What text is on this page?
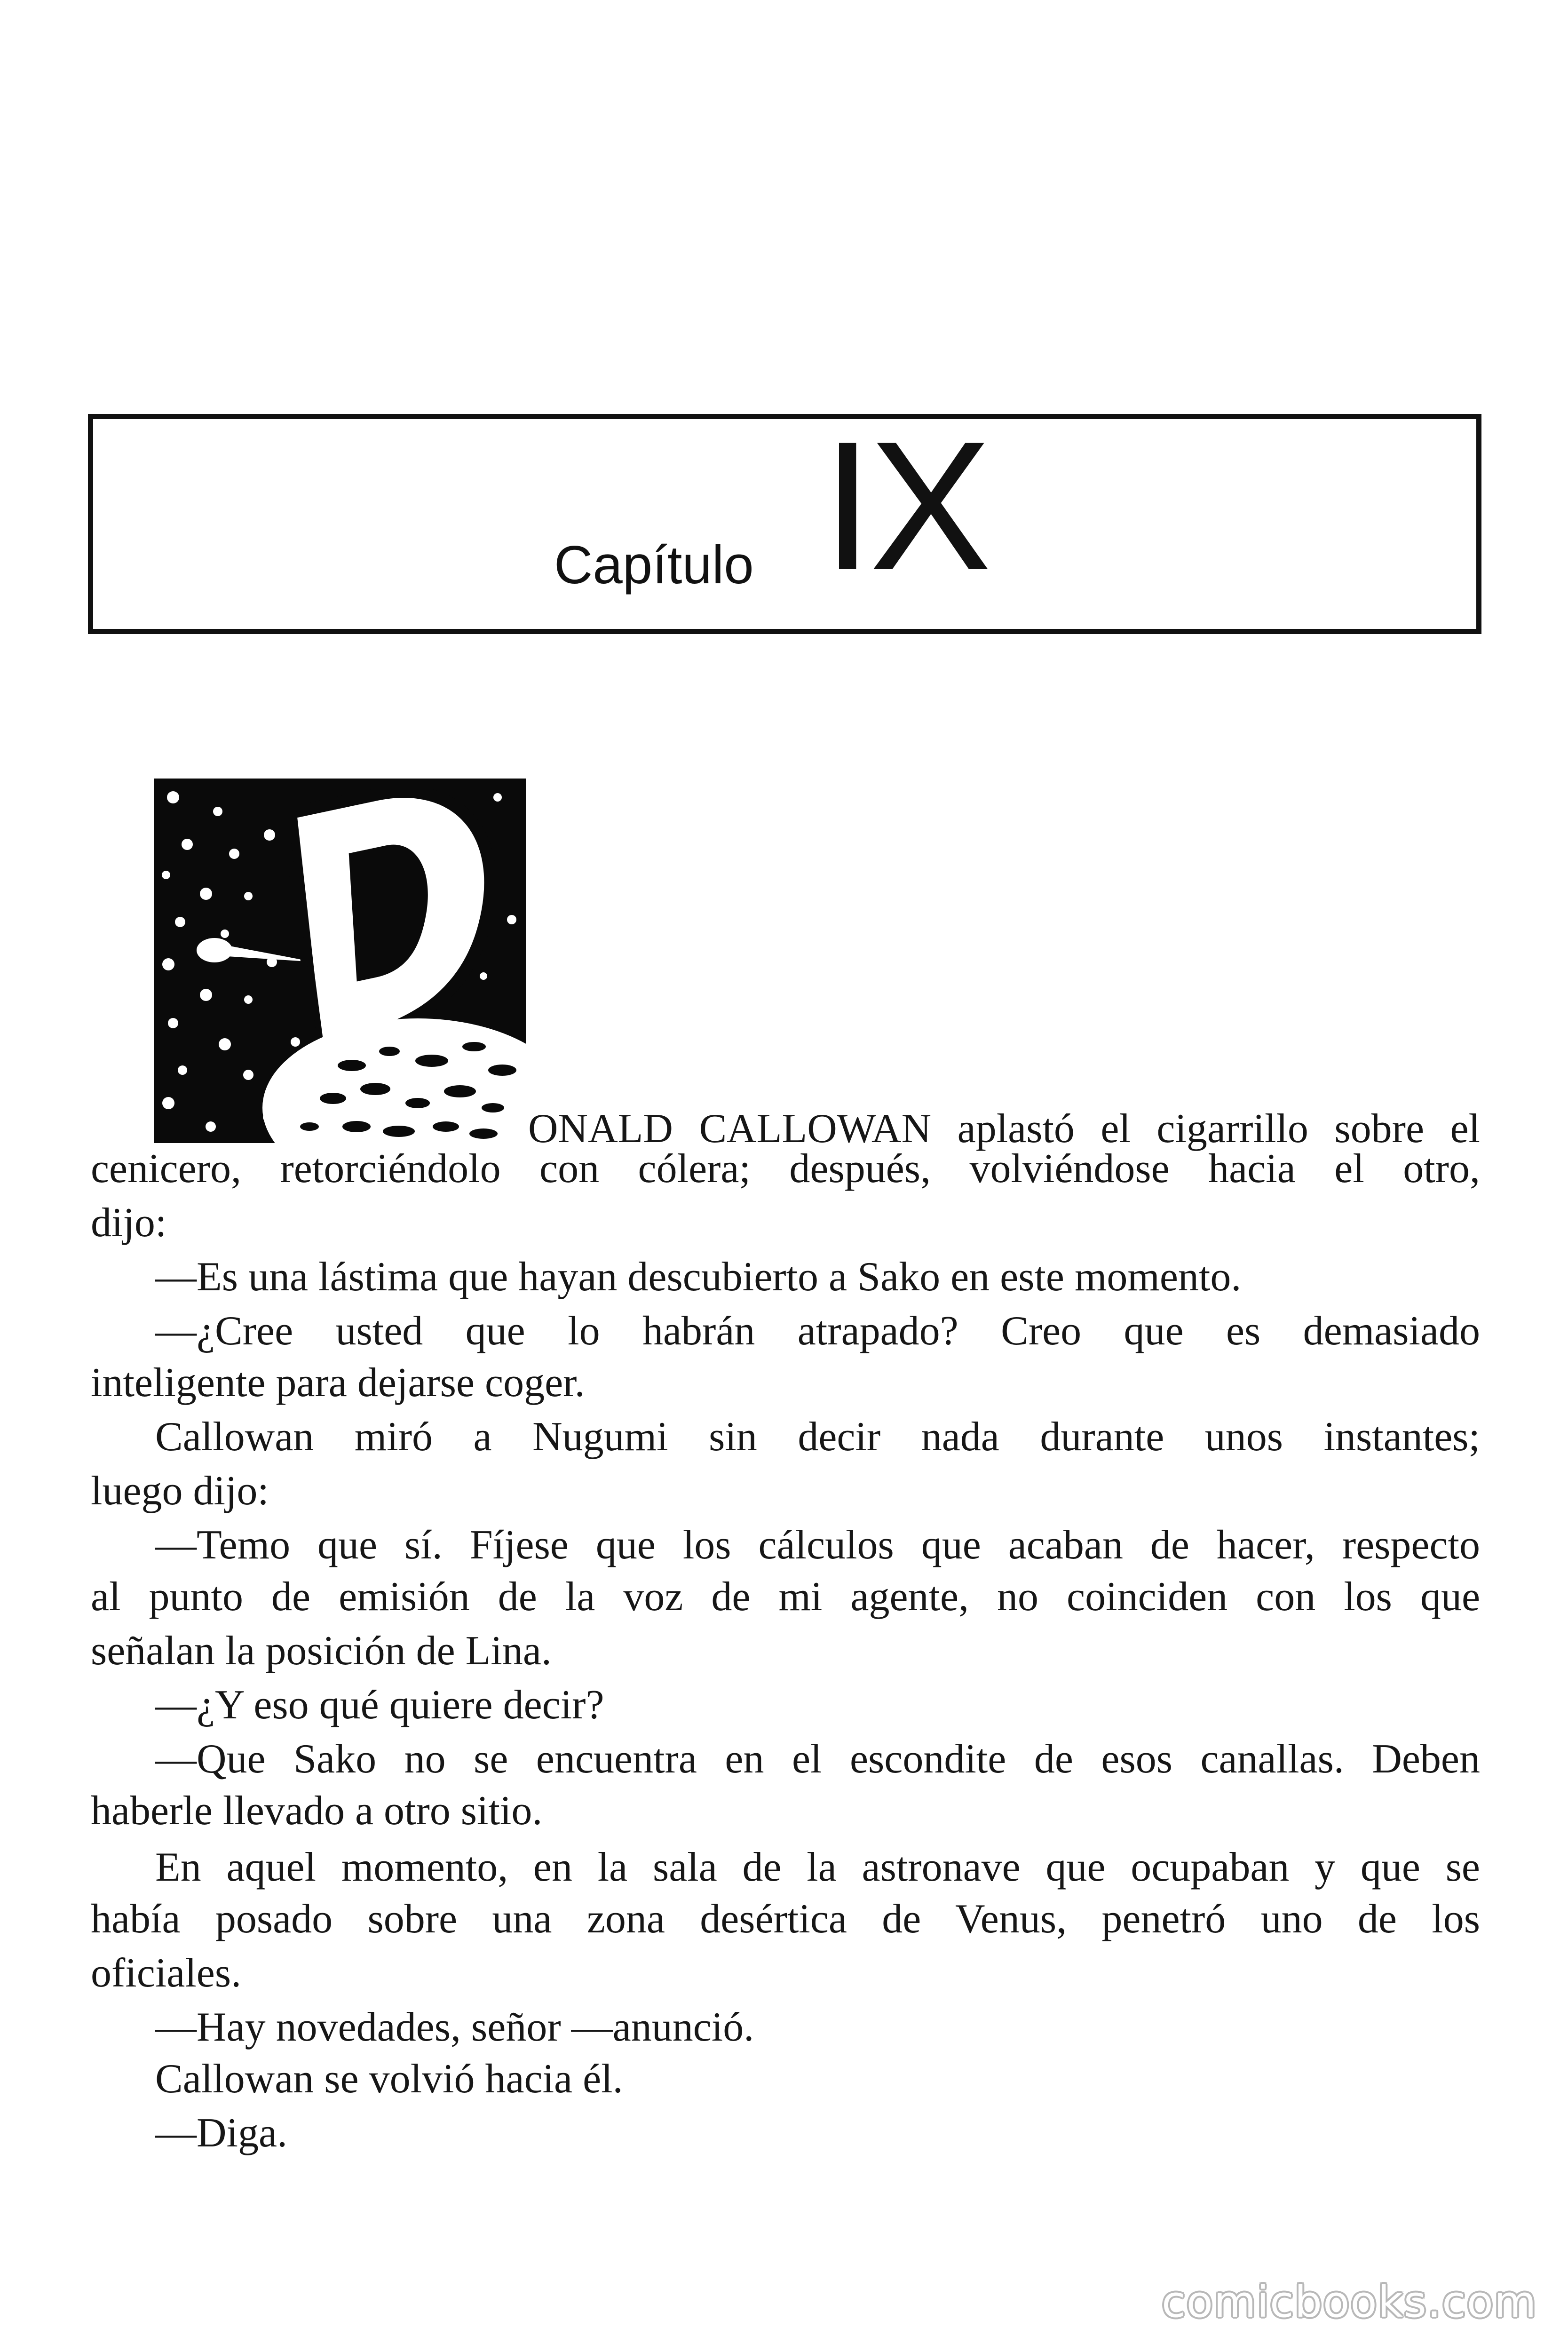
Capítulo IX
ONALD CALLOWAN aplastó el cigarrillo sobre el
cenicero, retorciéndolo con cólera; después, volviéndose hacia el otro,
dijo:
—Es una lástima que hayan descubierto a Sako en este momento.
—¿Cree usted que lo habrán atrapado? Creo que es demasiado
inteligente para dejarse coger.
Callowan miró a Nugumi sin decir nada durante unos instantes;
luego dijo:
—Temo que sí. Fíjese que los cálculos que acaban de hacer, respecto
al punto de emisión de la voz de mi agente, no coinciden con los que
señalan la posición de Lina.
—¿Y eso qué quiere decir?
—Que Sako no se encuentra en el escondite de esos canallas. Deben
haberle llevado a otro sitio.
En aquel momento, en la sala de la astronave que ocupaban y que se
había posado sobre una zona desértica de Venus, penetró uno de los
oficiales.
—Hay novedades, señor —anunció.
Callowan se volvió hacia él.
—Diga.
comicbooks.com
